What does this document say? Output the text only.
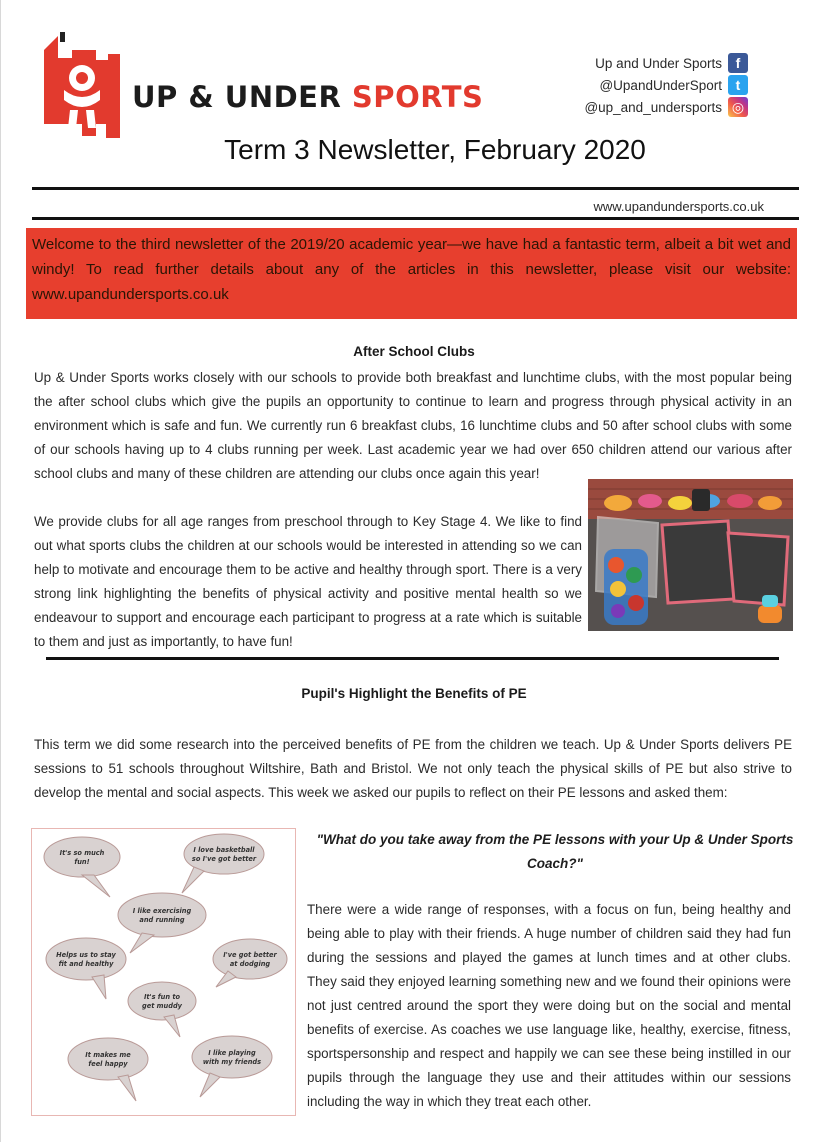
UP & UNDER SPORTS
Up and Under Sports f
@UpandUnderSport t
@up_and_undersports ◎
Term 3 Newsletter, February 2020
www.upandundersports.co.uk
Welcome to the third newsletter of the 2019/20 academic year—we have had a fantastic term, albeit a bit wet and windy! To read further details about any of the articles in this newsletter, please visit our website: www.upandundersports.co.uk
After School Clubs
Up & Under Sports works closely with our schools to provide both breakfast and lunchtime clubs, with the most popular being the after school clubs which give the pupils an opportunity to continue to learn and progress through physical activity in an environment which is safe and fun. We currently run 6 breakfast clubs, 16 lunchtime clubs and 50 after school clubs with some of our schools having up to 4 clubs running per week. Last academic year we had over 650 children attend our various after school clubs and many of these children are attending our clubs once again this year!
We provide clubs for all age ranges from preschool through to Key Stage 4. We like to find out what sports clubs the children at our schools would be interested in attending so we can help to motivate and encourage them to be active and healthy through sport. There is a very strong link highlighting the benefits of physical activity and positive mental health so we endeavour to support and encourage each participant to progress at a rate which is suitable to them and just as importantly, to have fun!
Pupil's Highlight the Benefits of PE
This term we did some research into the perceived benefits of PE from the children we teach. Up & Under Sports delivers PE sessions to 51 schools throughout Wiltshire, Bath and Bristol. We not only teach the physical skills of PE but also strive to develop the mental and social aspects. This week we asked our pupils to reflect on their PE lessons and asked them:
It's so much
fun!
I love basketball
so I've got better
I like exercising
and running
Helps us to stay
fit and healthy
I've got better
at dodging
It's fun to
get muddy
It makes me
feel happy
I like playing
with my friends
"What do you take away from the PE lessons with your Up & Under Sports Coach?"
There were a wide range of responses, with a focus on fun, being healthy and being able to play with their friends. A huge number of children said they had fun during the sessions and played the games at lunch times and at other clubs. They said they enjoyed learning something new and we found their opinions were not just centred around the sport they were doing but on the social and mental benefits of exercise. As coaches we use language like, healthy, exercise, fitness, sportspersonship and respect and happily we can see these being instilled in our pupils through the language they use and their attitudes within our sessions including the way in which they treat each other.
